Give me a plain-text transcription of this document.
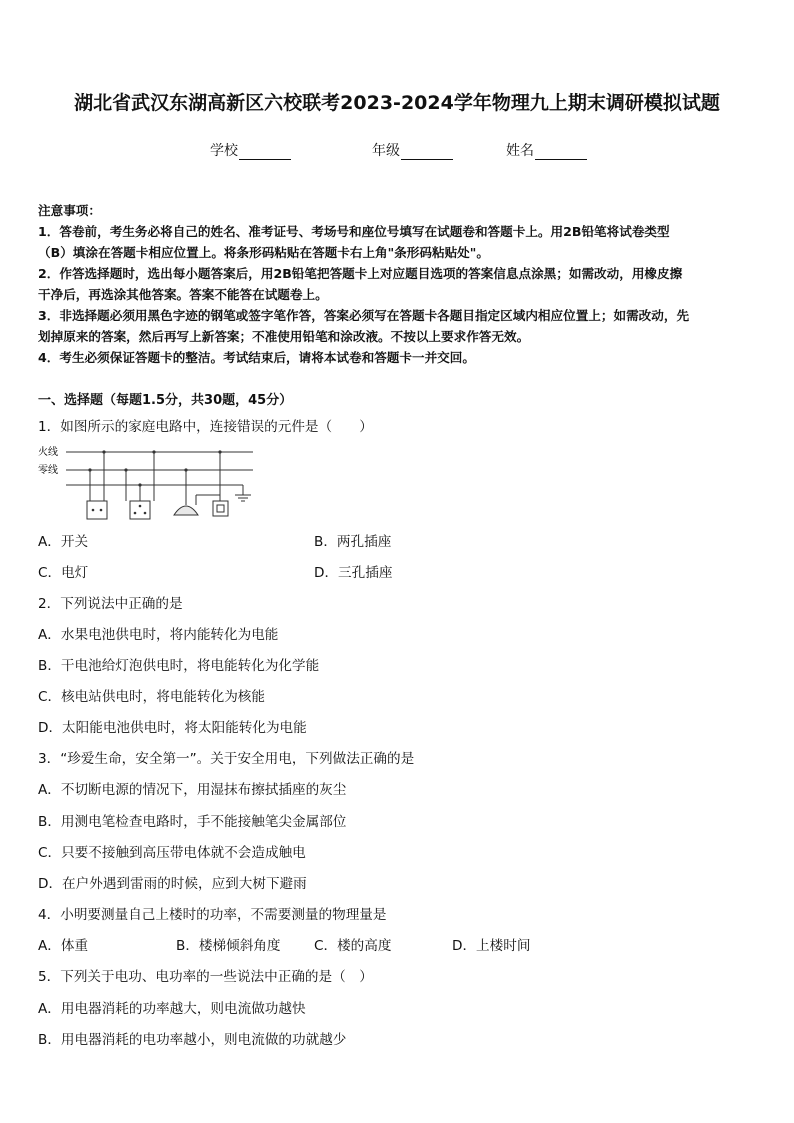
湖北省武汉东湖高新区六校联考2023-2024学年物理九上期末调研模拟试题
学校	年级	姓名
注意事项：
1．答卷前，考生务必将自己的姓名、准考证号、考场号和座位号填写在试题卷和答题卡上。用2B铅笔将试卷类型
（B）填涂在答题卡相应位置上。将条形码粘贴在答题卡右上角"条形码粘贴处"。
2．作答选择题时，选出每小题答案后，用2B铅笔把答题卡上对应题目选项的答案信息点涂黑；如需改动，用橡皮擦
干净后，再选涂其他答案。答案不能答在试题卷上。
3．非选择题必须用黑色字迹的钢笔或签字笔作答，答案必须写在答题卡各题目指定区域内相应位置上；如需改动，先
划掉原来的答案，然后再写上新答案；不准使用铅笔和涂改液。不按以上要求作答无效。
4．考生必须保证答题卡的整洁。考试结束后，请将本试卷和答题卡一并交回。
一、选择题（每题1.5分，共30题，45分）
1．如图所示的家庭电路中，连接错误的元件是（　　）
火线
零线
A．开关	B．两孔插座
C．电灯	D．三孔插座
2．下列说法中正确的是
A．水果电池供电时，将内能转化为电能
B．干电池给灯泡供电时，将电能转化为化学能
C．核电站供电时，将电能转化为核能
D．太阳能电池供电时，将太阳能转化为电能
3．“珍爱生命，安全第一”。关于安全用电，下列做法正确的是
A．不切断电源的情况下，用湿抹布擦拭插座的灰尘
B．用测电笔检查电路时，手不能接触笔尖金属部位
C．只要不接触到高压带电体就不会造成触电
D．在户外遇到雷雨的时候，应到大树下避雨
4．小明要测量自己上楼时的功率，不需要测量的物理量是
A．体重	B．楼梯倾斜角度 C．楼的高度	D．上楼时间
5．下列关于电功、电功率的一些说法中正确的是（　）
A．用电器消耗的功率越大，则电流做功越快
B．用电器消耗的电功率越小，则电流做的功就越少
